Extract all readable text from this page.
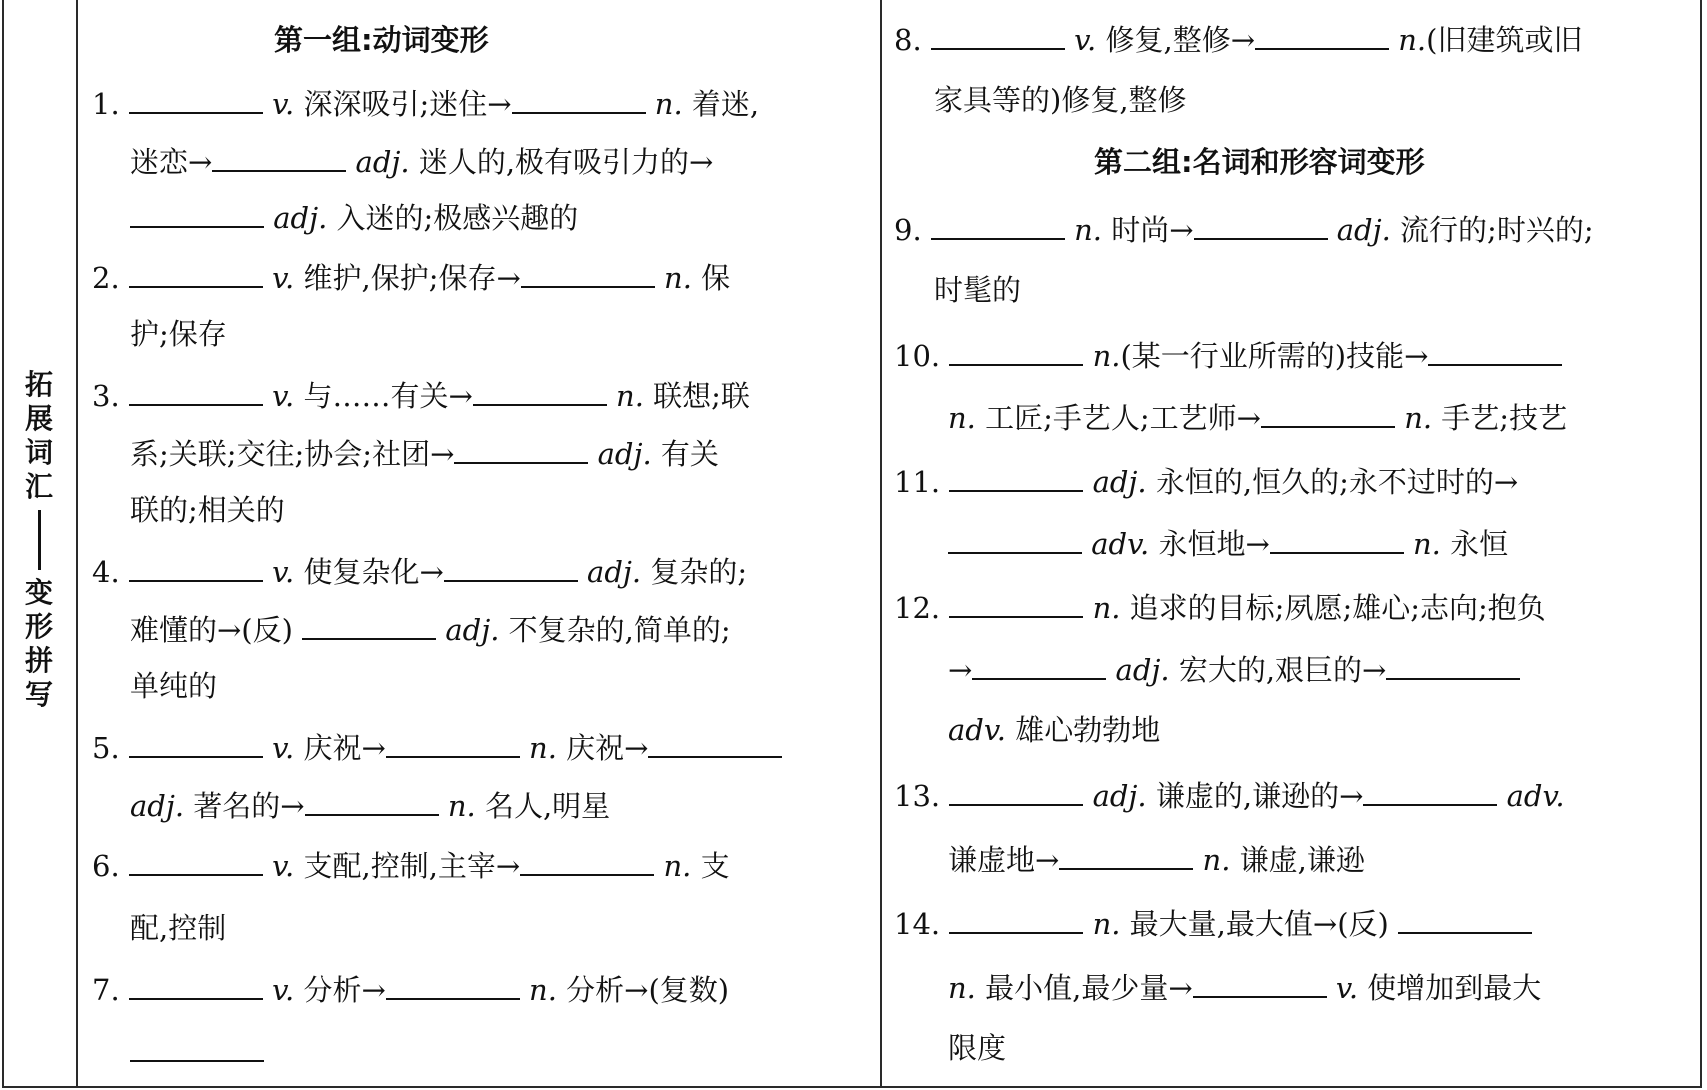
拓
展
词
汇
变
形
拼
写
第一组:动词变形
1.	v. 深深吸引;迷住→	n. 着迷,
迷恋→	adj. 迷人的,极有吸引力的→
adj. 入迷的;极感兴趣的
2.	v. 维护,保护;保存→	n. 保
护;保存
3.	v. 与……有关→	n. 联想;联
系;关联;交往;协会;社团→	adj. 有关
联的;相关的
4.	v. 使复杂化→	adj. 复杂的;
难懂的→(反)	adj. 不复杂的,简单的;
单纯的
5.	v. 庆祝→	n. 庆祝→
adj. 著名的→	n. 名人,明星
6.	v. 支配,控制,主宰→	n. 支
配,控制
7.	v. 分析→	n. 分析→(复数)
8.	v. 修复,整修→	n.(旧建筑或旧
家具等的)修复,整修
第二组:名词和形容词变形
9.	n. 时尚→	adj. 流行的;时兴的;
时髦的
10.	n.(某一行业所需的)技能→
n. 工匠;手艺人;工艺师→	n. 手艺;技艺
11.	adj. 永恒的,恒久的;永不过时的→
adv. 永恒地→	n. 永恒
12.	n. 追求的目标;夙愿;雄心;志向;抱负
→	adj. 宏大的,艰巨的→
adv. 雄心勃勃地
13.	adj. 谦虚的,谦逊的→	adv.
谦虚地→	n. 谦虚,谦逊
14.	n. 最大量,最大值→(反)
n. 最小值,最少量→	v. 使增加到最大
限度
